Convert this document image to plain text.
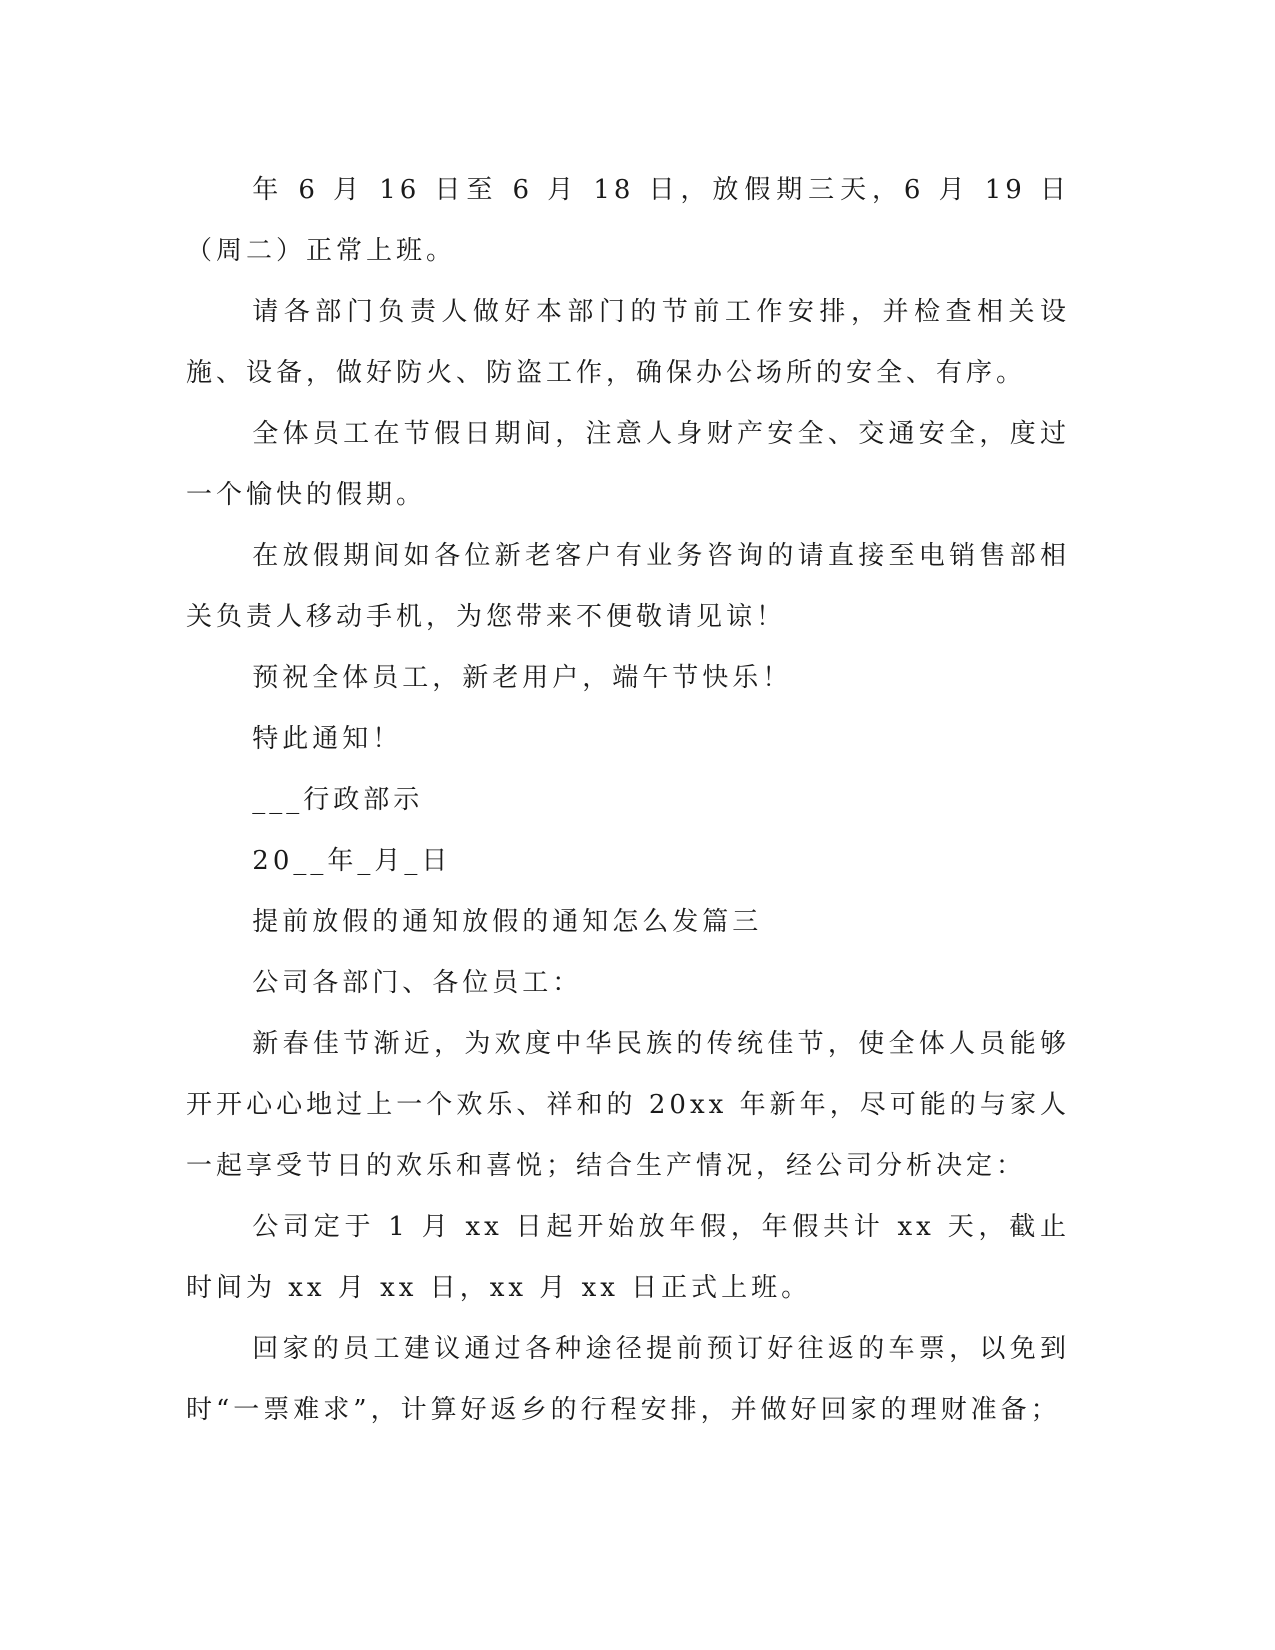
年 6 月 16 日至 6 月 18 日，放假期三天，6 月 19 日（周二）正常上班。

请各部门负责人做好本部门的节前工作安排，并检查相关设施、设备，做好防火、防盗工作，确保办公场所的安全、有序。

全体员工在节假日期间，注意人身财产安全、交通安全，度过一个愉快的假期。

在放假期间如各位新老客户有业务咨询的请直接至电销售部相关负责人移动手机，为您带来不便敬请见谅！

预祝全体员工，新老用户，端午节快乐！

特此通知！

___行政部示

20__年_月_日

提前放假的通知放假的通知怎么发篇三

公司各部门、各位员工：

新春佳节渐近，为欢度中华民族的传统佳节，使全体人员能够开开心心地过上一个欢乐、祥和的 20xx 年新年，尽可能的与家人一起享受节日的欢乐和喜悦；结合生产情况，经公司分析决定：

公司定于 1 月 xx 日起开始放年假，年假共计 xx 天，截止时间为 xx 月 xx 日，xx 月 xx 日正式上班。

回家的员工建议通过各种途径提前预订好往返的车票，以免到时“一票难求”，计算好返乡的行程安排，并做好回家的理财准备；
